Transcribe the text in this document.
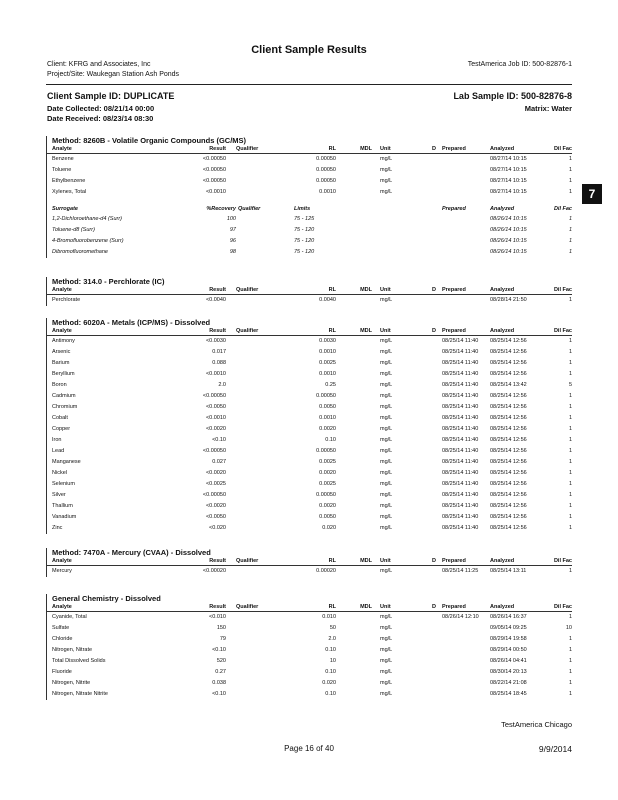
Client Sample Results
Client: KFRG and Associates, Inc
Project/Site: Waukegan Station Ash Ponds
TestAmerica Job ID: 500-82876-1
Client Sample ID: DUPLICATE	Lab Sample ID: 500-82876-8
Date Collected: 08/21/14 00:00
Date Received: 08/23/14 08:30
Matrix: Water
7
Method: 8260B - Volatile Organic Compounds (GC/MS)
Analyte	Result Qualifier	RL	MDL Unit	D Prepared	Analyzed	Dil Fac
Benzene	<0.00050	0.00050	mg/L	08/27/14 10:15	1
Toluene	<0.00050	0.00050	mg/L	08/27/14 10:15	1
Ethylbenzene	<0.00050	0.00050	mg/L	08/27/14 10:15	1
Xylenes, Total	<0.0010	0.0010	mg/L	08/27/14 10:15	1
Surrogate	%Recovery Qualifier	Limits	Prepared	Analyzed	Dil Fac
1,2-Dichloroethane-d4 (Surr)	100	75 - 125	08/26/14 10:15	1
Toluene-d8 (Surr)	97	75 - 120	08/26/14 10:15	1
4-Bromofluorobenzene (Surr)	96	75 - 120	08/26/14 10:15	1
Dibromofluoromethane	98	75 - 120	08/26/14 10:15	1
Method: 314.0 - Perchlorate (IC)
Analyte	Result Qualifier	RL	MDL Unit	D Prepared	Analyzed	Dil Fac
Perchlorate	<0.0040	0.0040	mg/L	08/28/14 21:50	1
Method: 6020A - Metals (ICP/MS) - Dissolved
Analyte	Result Qualifier	RL	MDL Unit	D Prepared	Analyzed	Dil Fac
Antimony	<0.0030	0.0030	mg/L	08/25/14 11:40 08/25/14 12:56	1
Arsenic	0.017	0.0010	mg/L	08/25/14 11:40 08/25/14 12:56	1
Barium	0.088	0.0025	mg/L	08/25/14 11:40 08/25/14 12:56	1
Beryllium	<0.0010	0.0010	mg/L	08/25/14 11:40 08/25/14 12:56	1
Boron	2.0	0.25	mg/L	08/25/14 11:40 08/25/14 13:42	5
Cadmium	<0.00050	0.00050	mg/L	08/25/14 11:40 08/25/14 12:56	1
Chromium	<0.0050	0.0050	mg/L	08/25/14 11:40 08/25/14 12:56	1
Cobalt	<0.0010	0.0010	mg/L	08/25/14 11:40 08/25/14 12:56	1
Copper	<0.0020	0.0020	mg/L	08/25/14 11:40 08/25/14 12:56	1
Iron	<0.10	0.10	mg/L	08/25/14 11:40 08/25/14 12:56	1
Lead	<0.00050	0.00050	mg/L	08/25/14 11:40 08/25/14 12:56	1
Manganese	0.027	0.0025	mg/L	08/25/14 11:40 08/25/14 12:56	1
Nickel	<0.0020	0.0020	mg/L	08/25/14 11:40 08/25/14 12:56	1
Selenium	<0.0025	0.0025	mg/L	08/25/14 11:40 08/25/14 12:56	1
Silver	<0.00050	0.00050	mg/L	08/25/14 11:40 08/25/14 12:56	1
Thallium	<0.0020	0.0020	mg/L	08/25/14 11:40 08/25/14 12:56	1
Vanadium	<0.0050	0.0050	mg/L	08/25/14 11:40 08/25/14 12:56	1
Zinc	<0.020	0.020	mg/L	08/25/14 11:40 08/25/14 12:56	1
Method: 7470A - Mercury (CVAA) - Dissolved
Analyte	Result Qualifier	RL	MDL Unit	D Prepared	Analyzed	Dil Fac
Mercury	<0.00020	0.00020	mg/L	08/25/14 11:25 08/25/14 13:11	1
General Chemistry - Dissolved
Analyte	Result Qualifier	RL	MDL Unit	D Prepared	Analyzed	Dil Fac
Cyanide, Total	<0.010	0.010	mg/L	08/26/14 12:10 08/26/14 16:37	1
Sulfate	150	50	mg/L	09/05/14 09:25	10
Chloride	79	2.0	mg/L	08/29/14 19:58	1
Nitrogen, Nitrate	<0.10	0.10	mg/L	08/29/14 00:50	1
Total Dissolved Solids	520	10	mg/L	08/26/14 04:41	1
Fluoride	0.27	0.10	mg/L	08/30/14 20:13	1
Nitrogen, Nitrite	0.038	0.020	mg/L	08/22/14 21:08	1
Nitrogen, Nitrate Nitrite	<0.10	0.10	mg/L	08/25/14 18:45	1
TestAmerica Chicago
Page 16 of 40	9/9/2014
